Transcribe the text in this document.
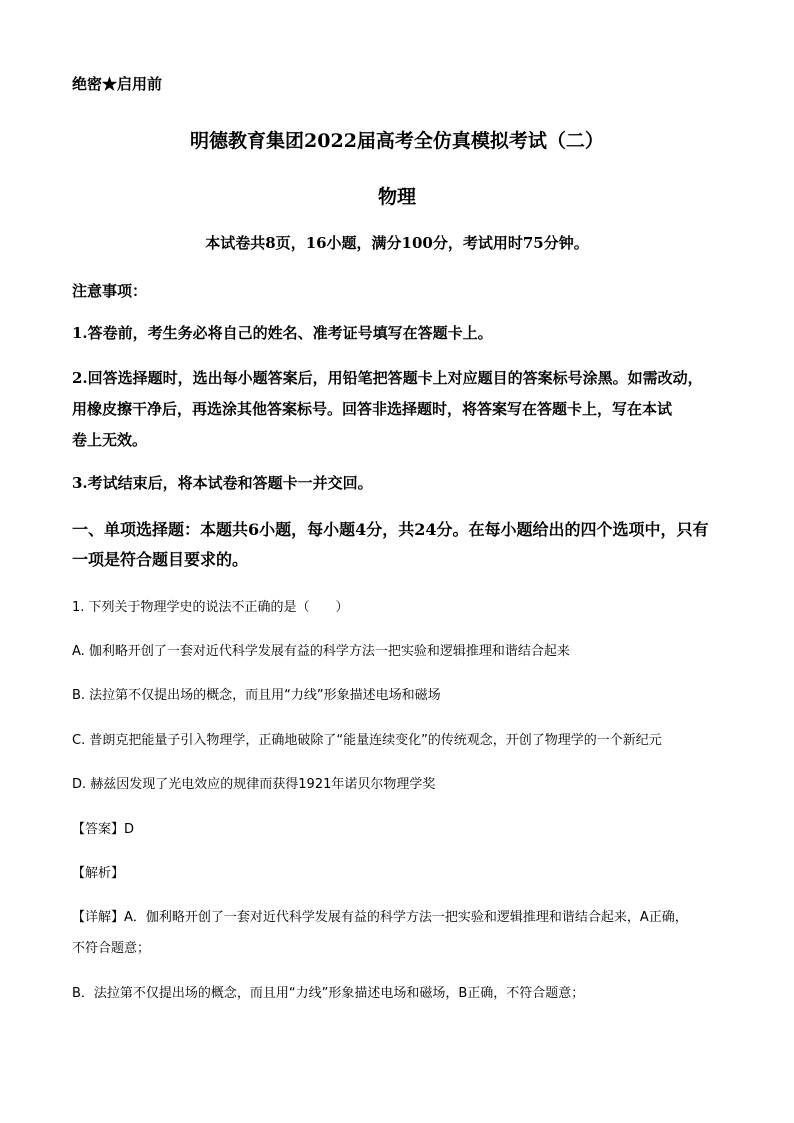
绝密★启用前
明德教育集团2022届高考全仿真模拟考试（二）
物理
本试卷共8页，16小题，满分100分，考试用时75分钟。
注意事项：
1.答卷前，考生务必将自己的姓名、准考证号填写在答题卡上。
2.回答选择题时，选出每小题答案后，用铅笔把答题卡上对应题目的答案标号涂黑。如需改动，
用橡皮擦干净后，再选涂其他答案标号。回答非选择题时，将答案写在答题卡上，写在本试
卷上无效。
3.考试结束后，将本试卷和答题卡一并交回。
一、单项选择题：本题共6小题，每小题4分，共24分。在每小题给出的四个选项中，只有
一项是符合题目要求的。
1. 下列关于物理学史的说法不正确的是（　　）
A. 伽利略开创了一套对近代科学发展有益的科学方法一把实验和逻辑推理和谐结合起来
B. 法拉第不仅提出场的概念，而且用“力线”形象描述电场和磁场
C. 普朗克把能量子引入物理学，正确地破除了“能量连续变化”的传统观念，开创了物理学的一个新纪元
D. 赫兹因发现了光电效应的规律而获得1921年诺贝尔物理学奖
【答案】D
【解析】
【详解】A．伽利略开创了一套对近代科学发展有益的科学方法一把实验和逻辑推理和谐结合起来，A正确，
不符合题意；
B．法拉第不仅提出场的概念，而且用“力线”形象描述电场和磁场，B正确，不符合题意；
